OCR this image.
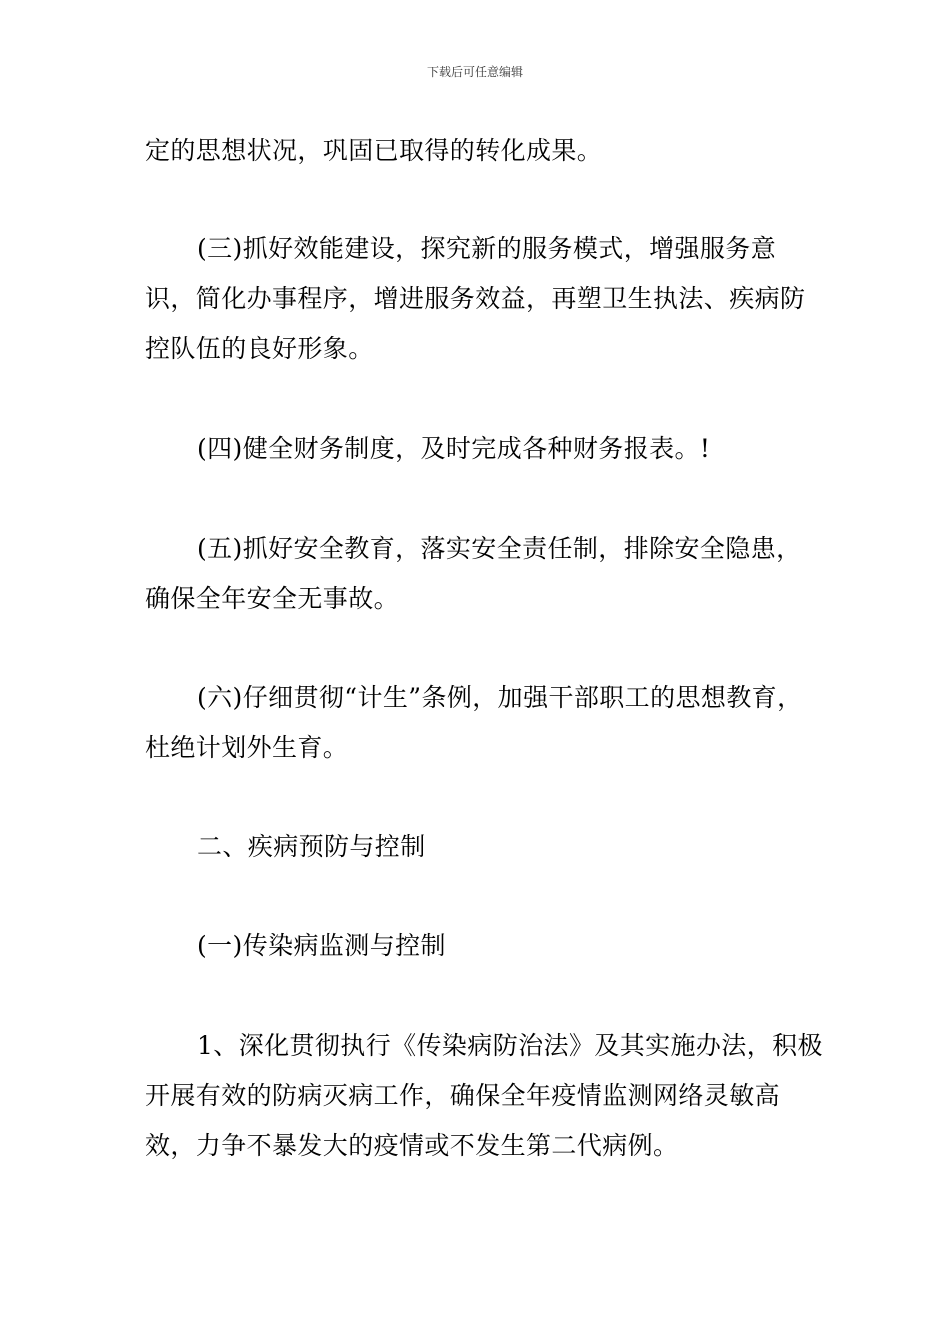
下载后可任意编辑

定的思想状况，巩固已取得的转化成果。

(三)抓好效能建设，探究新的服务模式，增强服务意识，简化办事程序，增进服务效益，再塑卫生执法、疾病防控队伍的良好形象。

(四)健全财务制度，及时完成各种财务报表。!

(五)抓好安全教育，落实安全责任制，排除安全隐患，确保全年安全无事故。

(六)仔细贯彻“计生”条例，加强干部职工的思想教育，杜绝计划外生育。

二、疾病预防与控制

(一)传染病监测与控制

1、深化贯彻执行《传染病防治法》及其实施办法，积极开展有效的防病灭病工作，确保全年疫情监测网络灵敏高效，力争不暴发大的疫情或不发生第二代病例。
